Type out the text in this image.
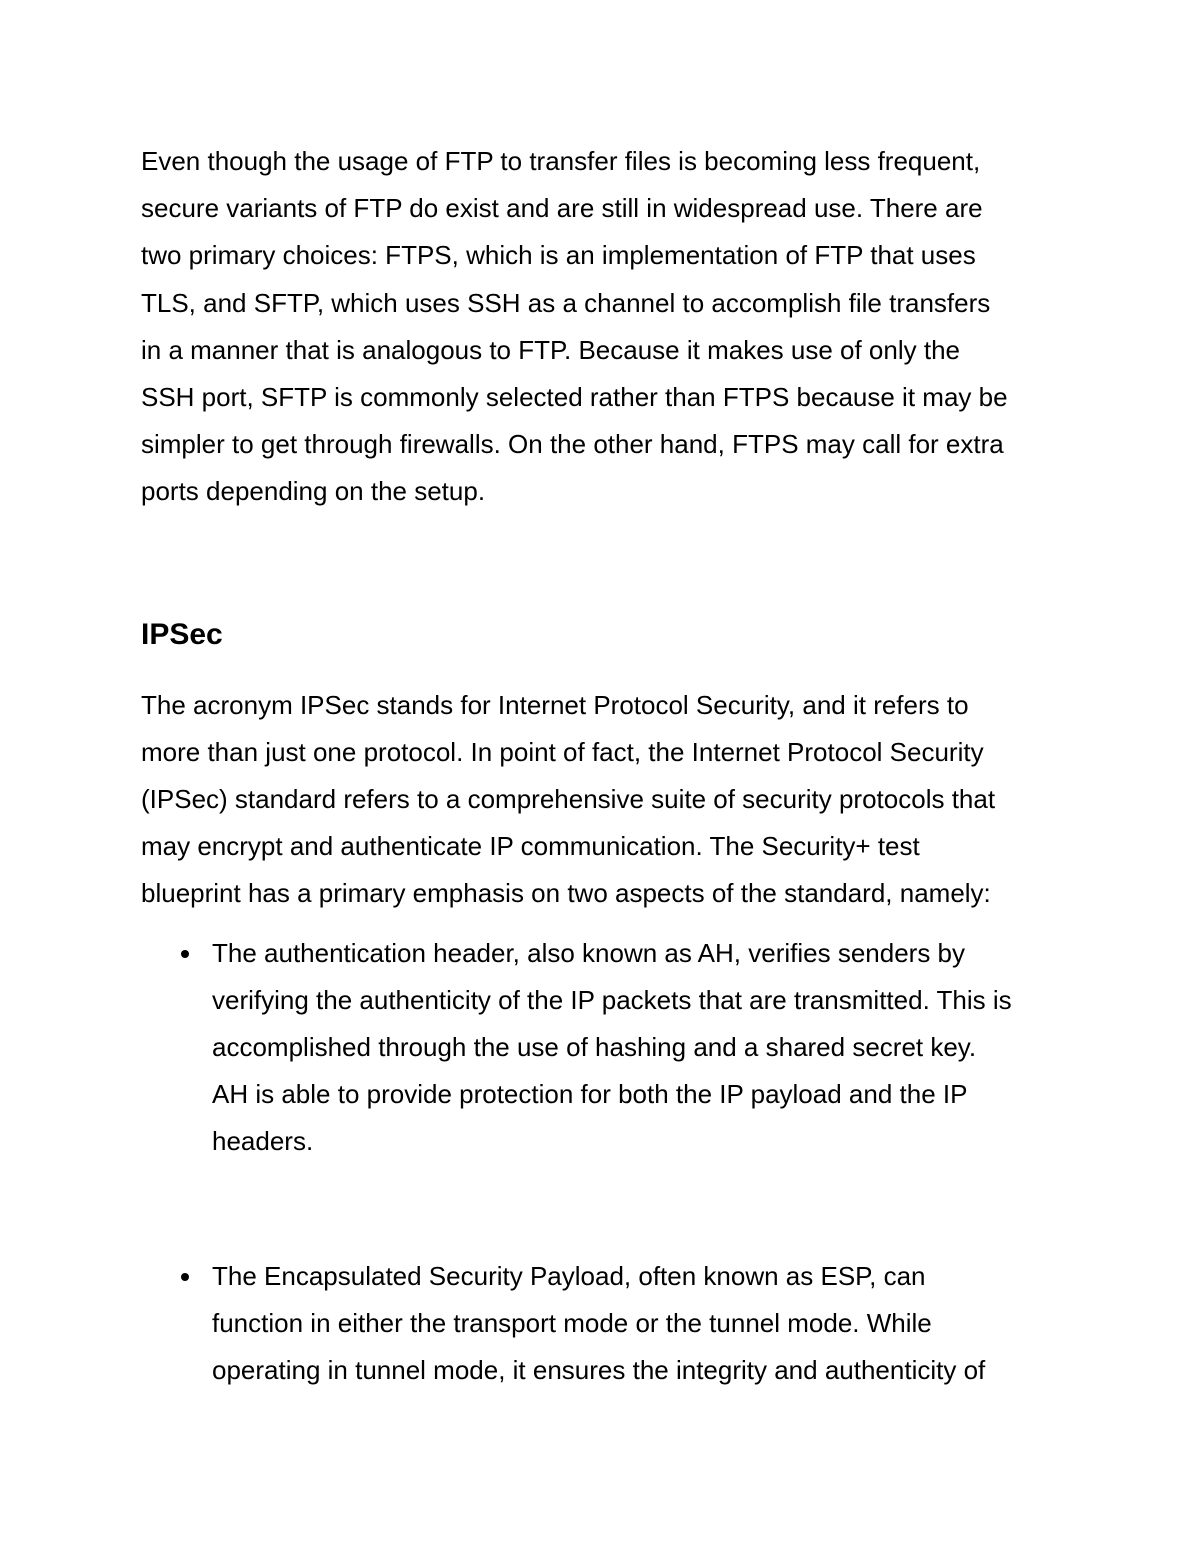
Even though the usage of FTP to transfer files is becoming less frequent,
secure variants of FTP do exist and are still in widespread use. There are
two primary choices: FTPS, which is an implementation of FTP that uses
TLS, and SFTP, which uses SSH as a channel to accomplish file transfers
in a manner that is analogous to FTP. Because it makes use of only the
SSH port, SFTP is commonly selected rather than FTPS because it may be
simpler to get through firewalls. On the other hand, FTPS may call for extra
ports depending on the setup.

IPSec

The acronym IPSec stands for Internet Protocol Security, and it refers to
more than just one protocol. In point of fact, the Internet Protocol Security
(IPSec) standard refers to a comprehensive suite of security protocols that
may encrypt and authenticate IP communication. The Security+ test
blueprint has a primary emphasis on two aspects of the standard, namely:

The authentication header, also known as AH, verifies senders by
verifying the authenticity of the IP packets that are transmitted. This is
accomplished through the use of hashing and a shared secret key.
AH is able to provide protection for both the IP payload and the IP
headers.
The Encapsulated Security Payload, often known as ESP, can
function in either the transport mode or the tunnel mode. While
operating in tunnel mode, it ensures the integrity and authenticity of
